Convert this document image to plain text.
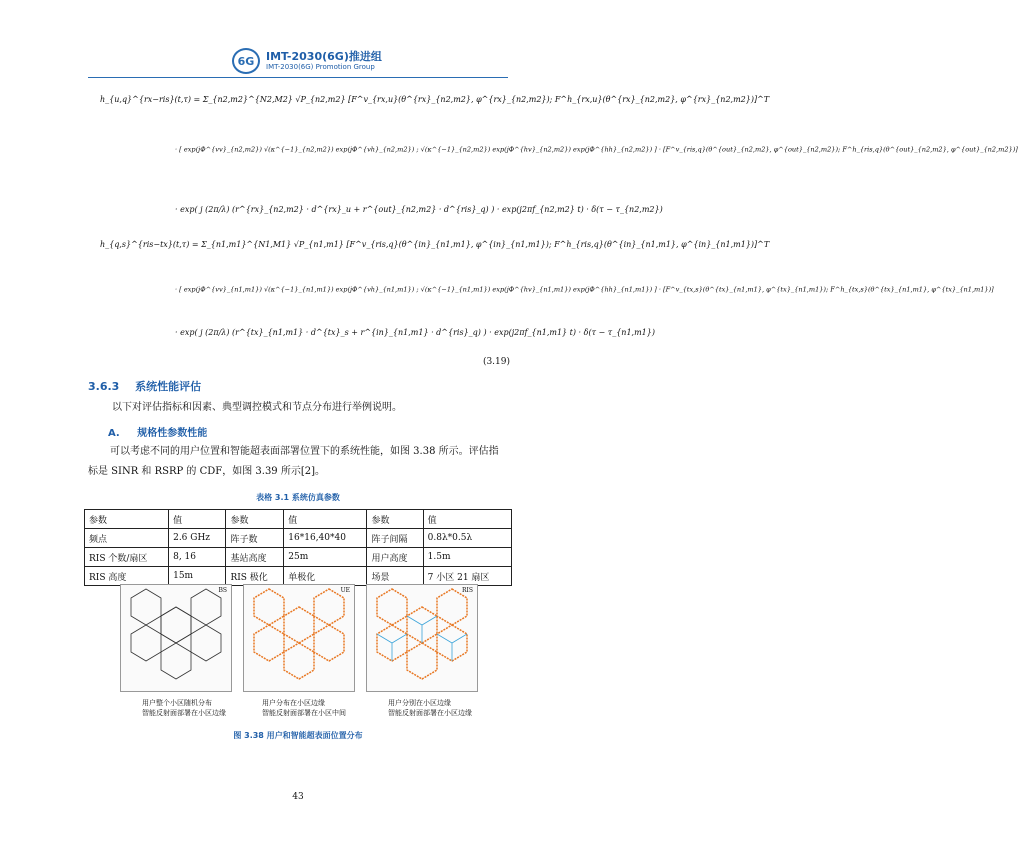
6G	IMT-2030(6G)推进组
IMT-2030(6G) Promotion Group
h_{u,q}^{rx−ris}(t,τ) = Σ_{n2,m2}^{N2,M2} √P_{n2,m2} [F^v_{rx,u}(θ^{rx}_{n2,m2}, φ^{rx}_{n2,m2}); F^h_{rx,u}(θ^{rx}_{n2,m2}, φ^{rx}_{n2,m2})]^T
· [ exp(jΦ^{vv}_{n2,m2}) √(κ^{−1}_{n2,m2}) exp(jΦ^{vh}_{n2,m2}) ; √(κ^{−1}_{n2,m2}) exp(jΦ^{hv}_{n2,m2}) exp(jΦ^{hh}_{n2,m2}) ] · [F^v_{ris,q}(θ^{out}_{n2,m2}, φ^{out}_{n2,m2}); F^h_{ris,q}(θ^{out}_{n2,m2}, φ^{out}_{n2,m2})]
· exp( j (2π/λ) (r^{rx}_{n2,m2} · d^{rx}_u + r^{out}_{n2,m2} · d^{ris}_q) ) · exp(j2πf_{n2,m2} t) · δ(τ − τ_{n2,m2})
h_{q,s}^{ris−tx}(t,τ) = Σ_{n1,m1}^{N1,M1} √P_{n1,m1} [F^v_{ris,q}(θ^{in}_{n1,m1}, φ^{in}_{n1,m1}); F^h_{ris,q}(θ^{in}_{n1,m1}, φ^{in}_{n1,m1})]^T
· [ exp(jΦ^{vv}_{n1,m1}) √(κ^{−1}_{n1,m1}) exp(jΦ^{vh}_{n1,m1}) ; √(κ^{−1}_{n1,m1}) exp(jΦ^{hv}_{n1,m1}) exp(jΦ^{hh}_{n1,m1}) ] · [F^v_{tx,s}(θ^{tx}_{n1,m1}, φ^{tx}_{n1,m1}); F^h_{tx,s}(θ^{tx}_{n1,m1}, φ^{tx}_{n1,m1})]
· exp( j (2π/λ) (r^{tx}_{n1,m1} · d^{tx}_s + r^{in}_{n1,m1} · d^{ris}_q) ) · exp(j2πf_{n1,m1} t) · δ(τ − τ_{n1,m1})
(3.19)
3.6.3 系统性能评估
以下对评估指标和因素、典型调控模式和节点分布进行举例说明。
A. 规格性参数性能
可以考虑不同的用户位置和智能超表面部署位置下的系统性能，如图 3.38 所示。评估指标是 SINR 和 RSRP 的 CDF，如图 3.39 所示[2]。
表格 3.1 系统仿真参数
参数	值	参数	值	参数	值
频点	2.6 GHz	阵子数	16*16,40*40	阵子间隔	0.8λ*0.5λ
RIS 个数/扇区	8, 16	基站高度	25m	用户高度	1.5m
RIS 高度	15m	RIS 极化	单极化	场景	7 小区 21 扇区
BS	UE	RIS
用户整个小区随机分布
智能反射面部署在小区边缘
用户分布在小区边缘
智能反射面部署在小区中间
用户分别在小区边缘
智能反射面部署在小区边缘
图 3.38 用户和智能超表面位置分布
43
